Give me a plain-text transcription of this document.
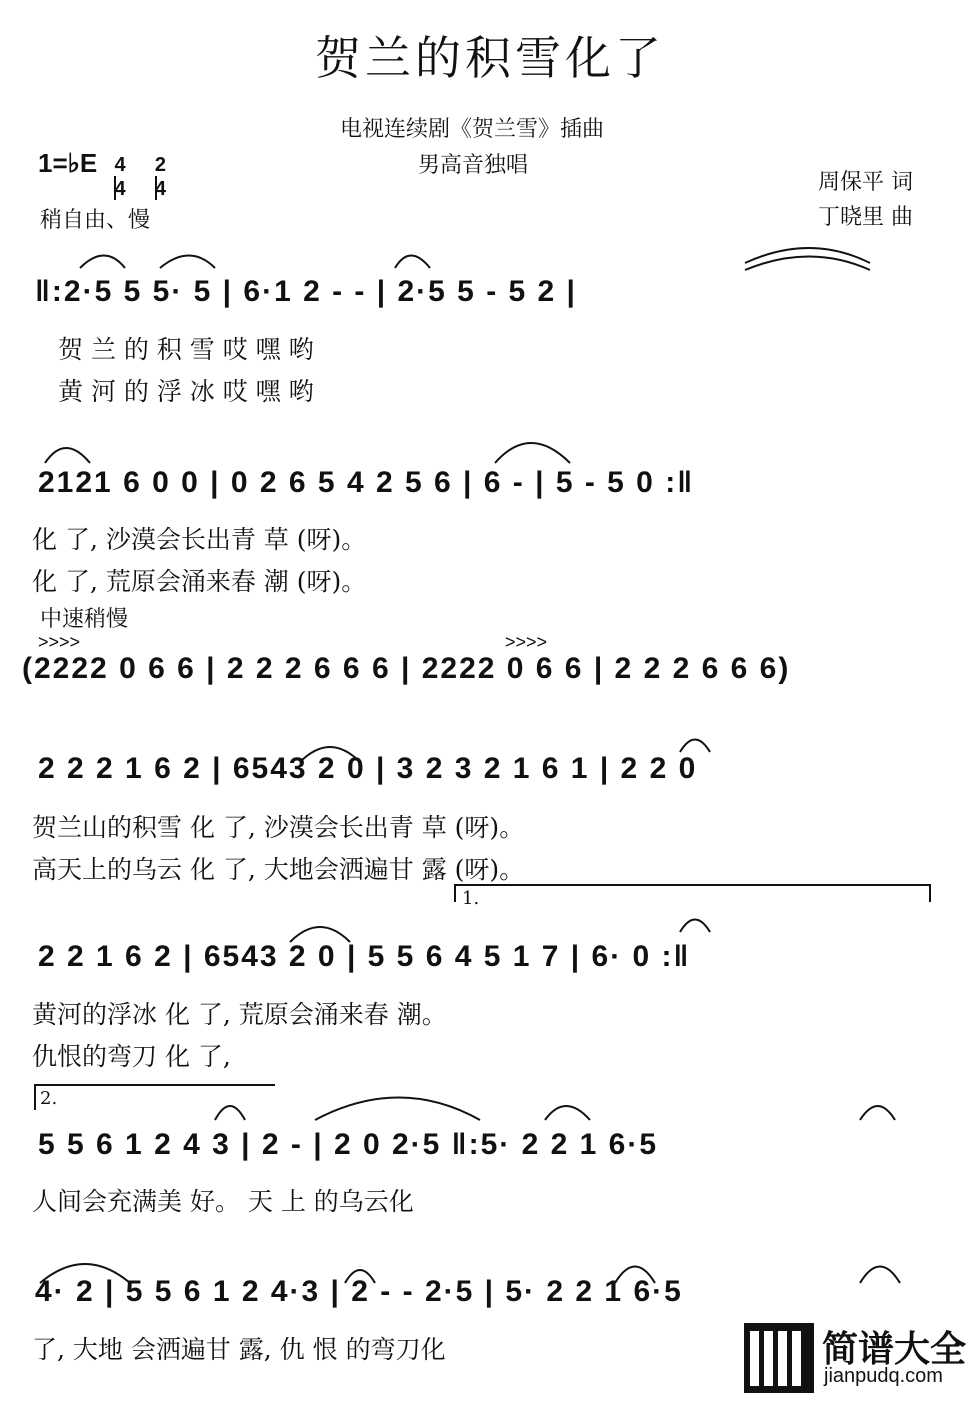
贺兰的积雪化了
电视连续剧《贺兰雪》插曲
男高音独唱
周保平 词
丁晓里 曲
1=♭E $\frac{4}{4}$
$\frac{2}{4}$
稍自由、慢
中速稍慢
‖:2·5 5 5· 5 | 6·1 2 - - | 2·5 5 - 5 2 |
贺 兰 的 积 雪 哎 嘿 哟
黄 河 的 浮 冰 哎 嘿 哟
2121 6 0 0 | 0 2 6 5 4 2 5 6 | 6 - | 5 - 5 0 :‖
化 了, 沙漠会长出青 草 (呀)。
化 了, 荒原会涌来春 潮 (呀)。
>>>>	>>>>
(2222 0 6 6 | 2 2 2 6 6 6 | 2222 0 6 6 | 2 2 2 6 6 6)
2 2 2 1 6 2 | 6543 2 0 | 3 2 3 2 1 6 1 | 2 2 0
贺兰山的积雪 化 了, 沙漠会长出青 草 (呀)。
高天上的乌云 化 了, 大地会洒遍甘 露 (呀)。
1.
2 2 1 6 2 | 6543 2 0 | 5 5 6 4 5 1 7 | 6· 0 :‖
黄河的浮冰 化 了, 荒原会涌来春 潮。
仇恨的弯刀 化 了,
2.
5 5 6 1 2 4 3 | 2 - | 2 0 2·5 ‖:5· 2 2 1 6·5
人间会充满美 好。 天 上 的乌云化
4· 2 | 5 5 6 1 2 4·3 | 2 - - 2·5 | 5· 2 2 1 6·5
了, 大地 会洒遍甘 露, 仇 恨 的弯刀化	简谱大全
jianpudq.com
